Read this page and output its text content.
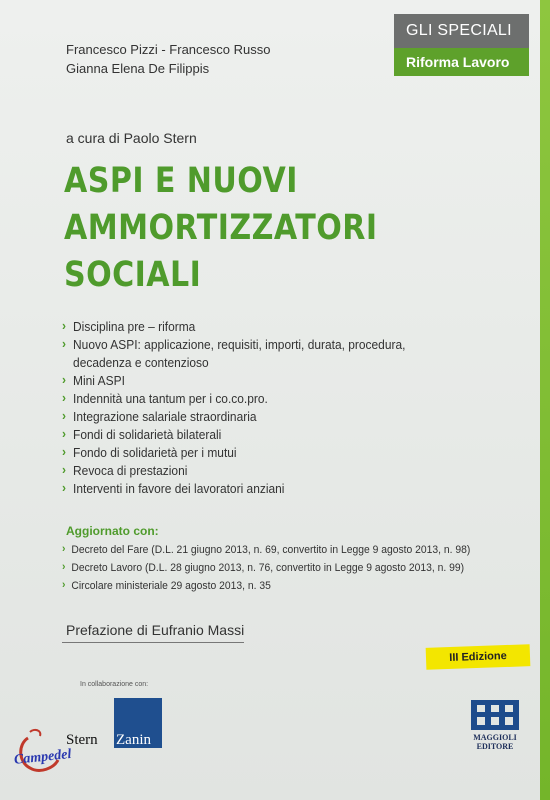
GLI SPECIALI
Riforma Lavoro
Francesco Pizzi - Francesco Russo
Gianna Elena De Filippis
a cura di Paolo Stern
ASPI E NUOVI
AMMORTIZZATORI
SOCIALI
› Disciplina pre – riforma
› Nuovo ASPI: applicazione, requisiti, importi, durata, procedura,
decadenza e contenzioso
› Mini ASPI
› Indennità una tantum per i co.co.pro.
› Integrazione salariale straordinaria
› Fondi di solidarietà bilaterali
› Fondo di solidarietà per i mutui
› Revoca di prestazioni
› Interventi in favore dei lavoratori anziani
Aggiornato con:
› Decreto del Fare (D.L. 21 giugno 2013, n. 69, convertito in Legge 9 agosto 2013, n. 98)
› Decreto Lavoro (D.L. 28 giugno 2013, n. 76, convertito in Legge 9 agosto 2013, n. 99)
› Circolare ministeriale 29 agosto 2013, n. 35
Prefazione di Eufranio Massi
III Edizione
In collaborazione con:
Stern Zanin	MAGGIOLI
EDITORE
Campedel
